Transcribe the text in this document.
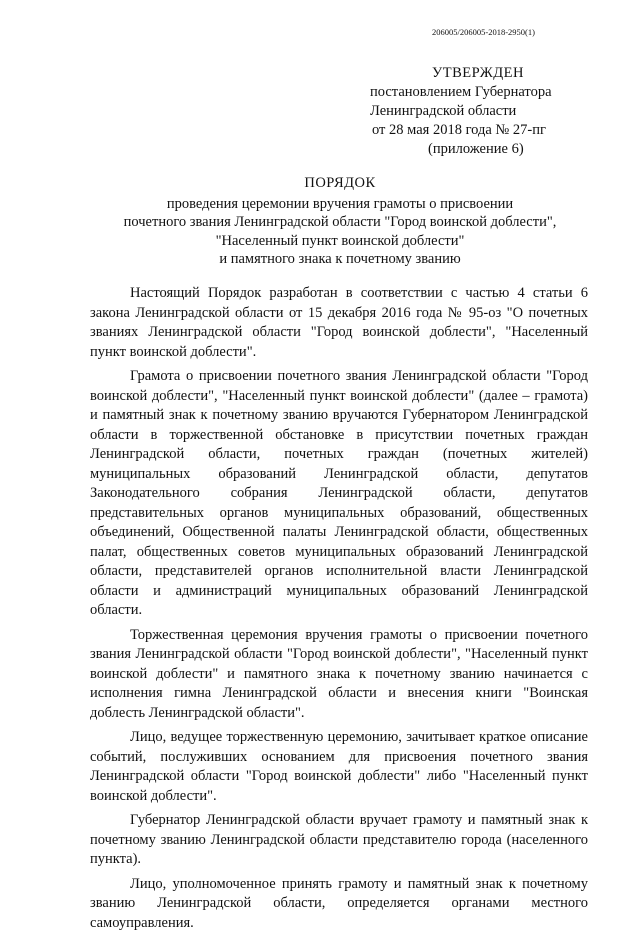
206005/206005-2018-2950(1)
УТВЕРЖДЕН
постановлением Губернатора
Ленинградской области
от 28 мая 2018 года № 27-пг
(приложение 6)
ПОРЯДОК
проведения церемонии вручения грамоты о присвоении
почетного звания Ленинградской области "Город воинской доблести",
"Населенный пункт воинской доблести"
и памятного знака к почетному званию

Настоящий Порядок разработан в соответствии с частью 4 статьи 6 закона Ленинградской области от 15 декабря 2016 года № 95-оз "О почетных званиях Ленинградской области "Город воинской доблести", "Населенный пункт воинской доблести".

Грамота о присвоении почетного звания Ленинградской области "Город воинской доблести", "Населенный пункт воинской доблести" (далее – грамота) и памятный знак к почетному званию вручаются Губернатором Ленинградской области в торжественной обстановке в присутствии почетных граждан Ленинградской области, почетных граждан (почетных жителей) муниципальных образований Ленинградской области, депутатов Законодательного собрания Ленинградской области, депутатов представительных органов муниципальных образований, общественных объединений, Общественной палаты Ленинградской области, общественных палат, общественных советов муниципальных образований Ленинградской области, представителей органов исполнительной власти Ленинградской области и администраций муниципальных образований Ленинградской области.

Торжественная церемония вручения грамоты о присвоении почетного звания Ленинградской области "Город воинской доблести", "Населенный пункт воинской доблести" и памятного знака к почетному званию начинается с исполнения гимна Ленинградской области и внесения книги "Воинская доблесть Ленинградской области".

Лицо, ведущее торжественную церемонию, зачитывает краткое описание событий, послуживших основанием для присвоения почетного звания Ленинградской области "Город воинской доблести" либо "Населенный пункт воинской доблести".

Губернатор Ленинградской области вручает грамоту и памятный знак к почетному званию Ленинградской области представителю города (населенного пункта).

Лицо, уполномоченное принять грамоту и памятный знак к почетному званию Ленинградской области, определяется органами местного самоуправления.
